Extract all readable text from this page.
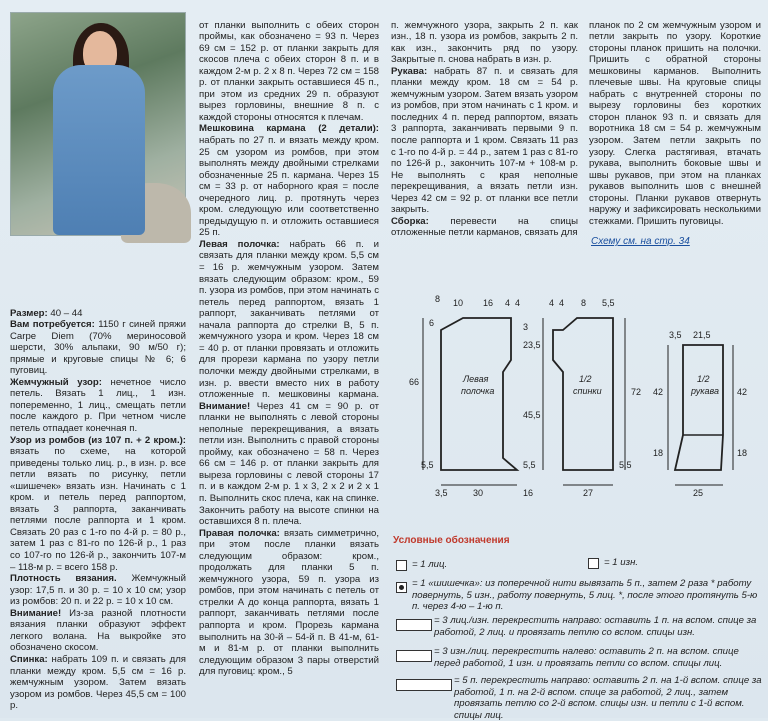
Размер: 40 – 44
Вам потребуется: 1150 г синей пряжи Carpe Diem (70% мериносовой шерсти, 30% альпаки, 90 м/50 г); прямые и круговые спицы № 6; 6 пуговиц.
Жемчужный узор: нечетное число петель. Вязать 1 лиц., 1 изн. попеременно, 1 лиц., смещать петли после каждого р. При четном числе петель отпадает конечная п.
Узор из ромбов (из 107 п. + 2 кром.): вязать по схеме, на которой приведены только лиц. р., в изн. р. все петли вязать по рисунку, петли «шишечек» вязать изн. Начинать с 1 кром. и петель перед раппортом, вязать 3 раппорта, заканчивать петлями после раппорта и 1 кром. Связать 20 раз с 1-го по 4-й р. = 80 р., затем 1 раз с 81-го по 126-й р., 1 раз со 107-го по 126-й р., закончить 107-м – 118-м р. = всего 158 р.
Плотность вязания. Жемчужный узор: 17,5 п. и 30 р. = 10 x 10 см; узор из ромбов: 20 п. и 22 р. = 10 x 10 см.
Внимание! Из-за разной плотности вязания планки образуют эффект легкого волана. На выкройке это обозначено скосом.
Спинка: набрать 109 п. и связать для планки между кром. 5,5 см = 16 р. жемчужным узором. Затем вязать узором из ромбов. Через 45,5 см = 100 р.

от планки выполнить с обеих сторон проймы, как обозначено = 93 п. Через 69 см = 152 р. от планки закрыть для скосов плеча с обеих сторон 8 п. и в каждом 2-м р. 2 x 8 п. Через 72 см = 158 р. от планки закрыть оставшиеся 45 п., при этом из средних 29 п. образуют вырез горловины, внешние 8 п. с каждой стороны относятся к плечам.
Мешковина кармана (2 детали): набрать по 27 п. и вязать между кром. 25 см узором из ромбов, при этом выполнять между двойными стрелками обозначенные 25 п. кармана. Через 15 см = 33 р. от наборного края = после очередного лиц. р. протянуть через кром. следующую или соответственно предыдущую п. и отложить оставшиеся 25 п.
Левая полочка: набрать 66 п. и связать для планки между кром. 5,5 см = 16 р. жемчужным узором. Затем вязать следующим образом: кром., 59 п. узора из ромбов, при этом начинать с петель перед раппортом, вязать 1 раппорт, заканчивать петлями от начала раппорта до стрелки В, 5 п. жемчужного узора и кром. Через 18 см = 40 р. от планки провязать и отложить для прорези кармана по узору петли полочки между двойными стрелками, в изн. р. ввести вместо них в работу отложенные п. мешковины кармана. Внимание! Через 41 см = 90 р. от планки не выполнять с левой стороны неполные перекрещивания, а вязать петли изн. Выполнить с правой стороны пройму, как обозначено = 58 п. Через 66 см = 146 р. от планки закрыть для выреза горловины с левой стороны 17 п. и в каждом 2-м р. 1 x 3, 2 x 2 и 2 x 1 п. Выполнить скос плеча, как на спинке. Закончить работу на высоте спинки на оставшихся 8 п. плеча.
Правая полочка: вязать симметрично, при этом после планки вязать следующим образом: кром., продолжать для планки 5 п. жемчужного узора, 59 п. узора из ромбов, при этом начинать с петель от стрелки А до конца раппорта, вязать 1 раппорт, заканчивать петлями после раппорта и кром. Прорезь кармана выполнить на 30-й – 54-й п. В 41-м, 61-м и 81-м р. от планки выполнить следующим образом 3 пары отверстий для пуговиц: кром., 5

п. жемчужного узора, закрыть 2 п. как изн., 18 п. узора из ромбов, закрыть 2 п. как изн., закончить ряд по узору. Закрытые п. снова набрать в изн. р.
Рукава: набрать 87 п. и связать для планки между кром. 18 см = 54 р. жемчужным узором. Затем вязать узором из ромбов, при этом начинать с 1 кром. и последних 4 п. перед раппортом, вязать 3 раппорта, заканчивать первыми 9 п. после раппорта и 1 кром. Связать 11 раз с 1-го по 4-й р. = 44 р., затем 1 раз с 81-го по 126-й р., закончить 107-м + 108-м р. Не выполнять с края неполные перекрещивания, а вязать петли изн. Через 42 см = 92 р. от планки все петли закрыть.
Сборка: перевести на спицы отложенные петли карманов, связать для

планок по 2 см жемчужным узором и петли закрыть по узору. Короткие стороны планок пришить на полочки. Пришить с обратной стороны мешковины карманов. Выполнить плечевые швы. На круговые спицы набрать с внутренней стороны по вырезу горловины без коротких сторон планок 93 п. и связать для воротника 18 см = 54 р. жемчужным узором. Затем петли закрыть по узору. Слегка растягивая, втачать рукава, выполнить боковые швы и швы рукавов, при этом на планках рукавов выполнить шов с внешней стороны. Планки рукавов отвернуть наружу и зафиксировать несколькими стежками. Пришить пуговицы.
Схему см. на стр. 34
8 10 16 4 4	4 4 8 5,5
6	3
23,5
45,5
66
72
5,5	5,5	5,5
3,5	30	27
16
Левая
полочка
1/2
спинки
1/2
рукава
3,5 21,5
42	42
18	18
25
Условные обозначения
= 1 лиц.	= 1 изн.
= 1 «шишечка»: из поперечной нити вывязать 5 п., затем 2 раза * работу повернуть, 5 изн., работу повернуть, 5 лиц. *, после этого протянуть 5-ю п. через 4-ю – 1-ю п.
= 3 лиц./изн. перекрестить направо: оставить 1 п. на вспом. спице за работой, 2 лиц. и провязать петлю со вспом. спицы изн.
= 3 изн./лиц. перекрестить налево: оставить 2 п. на вспом. спице перед работой, 1 изн. и провязать петли со вспом. спицы лиц.
= 5 п. перекрестить направо: оставить 2 п. на 1-й вспом. спице за работой, 1 п. на 2-й вспом. спице за работой, 2 лиц., затем провязать петлю со 2-й вспом. спицы изн. и петли с 1-й вспом. спицы лиц.
